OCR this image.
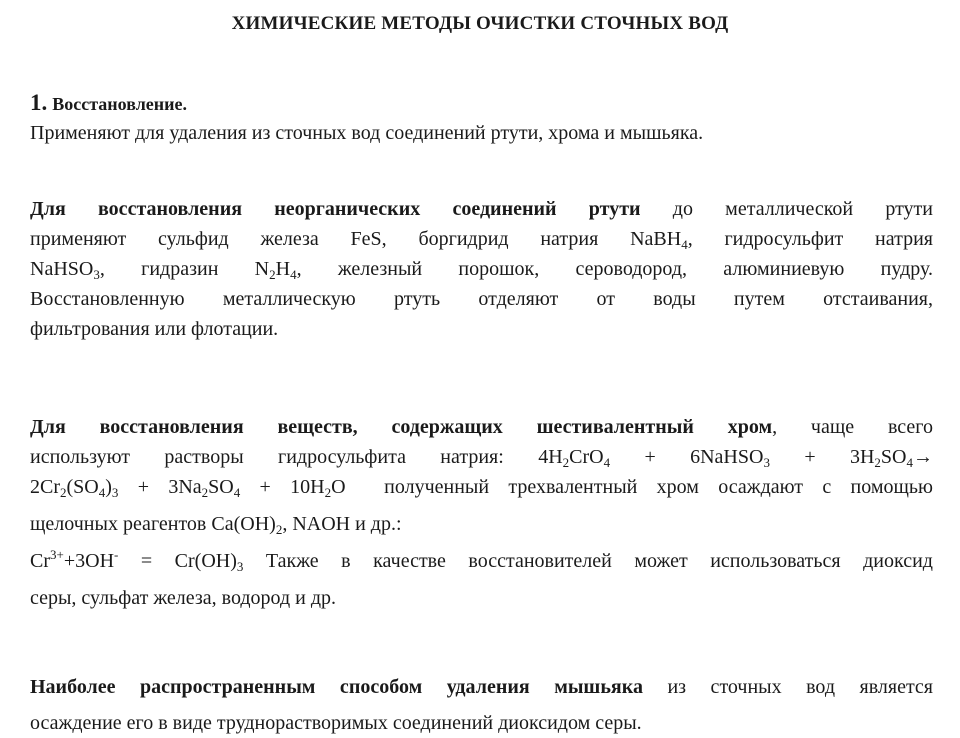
ХИМИЧЕСКИЕ МЕТОДЫ ОЧИСТКИ СТОЧНЫХ ВОД
1. Восстановление.
Применяют для удаления из сточных вод соединений ртути, хрома и мышьяка.
Для восстановления неорганических соединений ртути до металлической ртути
применяют сульфид железа FeS, боргидрид натрия NaBH$_4$, гидросульфит натрия
NaHSO$_3$, гидразин $N_2H_4$, железный порошок, сероводород, алюминиевую пудру.
Восстановленную металлическую ртуть отделяют от воды путем отстаивания,
фильтрования или флотации.
Для восстановления веществ, содержащих шестивалентный хром, чаще всего
используют растворы гидросульфита натрия: $4H_2CrO_4$ + 6NaHSO$_3$ + $3H_2SO_4\to$
$2Cr_2(SO_4)_3 + 3Na_2SO_4 + 10H_2O$  полученный трехвалентный хром осаждают с помощью
щелочных реагентов $Ca(OH)_2$, NAOH и др.:
$Cr^{3+}+3OH^- = Cr(OH)_3$ Также в качестве восстановителей может использоваться диоксид
серы, сульфат железа, водород и др.
Наиболее распространенным способом удаления мышьяка из сточных вод является
осаждение его в виде труднорастворимых соединений диоксидом серы.
